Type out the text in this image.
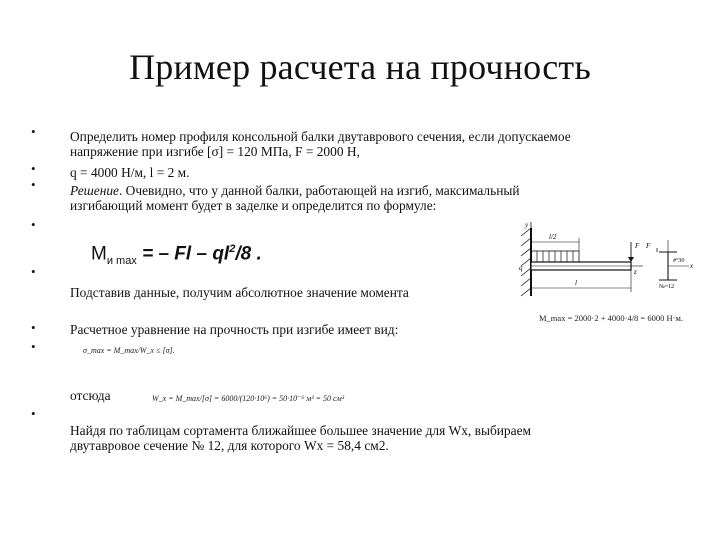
Пример расчета на прочность
•
•
•
•
•
•
•
•
Определить номер профиля консольной балки двутаврового сечения, если допускаемое
напряжение при изгибе [σ] = 120 МПа, F = 2000 Н,
q = 4000 Н/м, l = 2 м.
Решение. Очевидно, что у данной балки, работающей на изгиб, максимальный
изгибающий момент будет в заделке и определится по формуле:
$M_{и max}$ = – Fl – $ql^2/8$ .
Подставив данные, получим абсолютное значение момента
Расчетное уравнение на прочность при изгибе имеет вид:
σ_max = M_max/W_x ≤ [σ].
отсюда	W_x = M_max/[σ] = 6000/(120·10⁶) = 50·10⁻⁶ м³ = 50 см³
Найдя по таблицам сортамента ближайшее большее значение для Wx, выбираем
двутавровое сечение № 12, для которого Wx = 58,4 см2.
y
q
l/2
F
z
l
F
x
#°30
№=12
M_max = 2000·2 + 4000·4/8 = 6000 Н·м.
